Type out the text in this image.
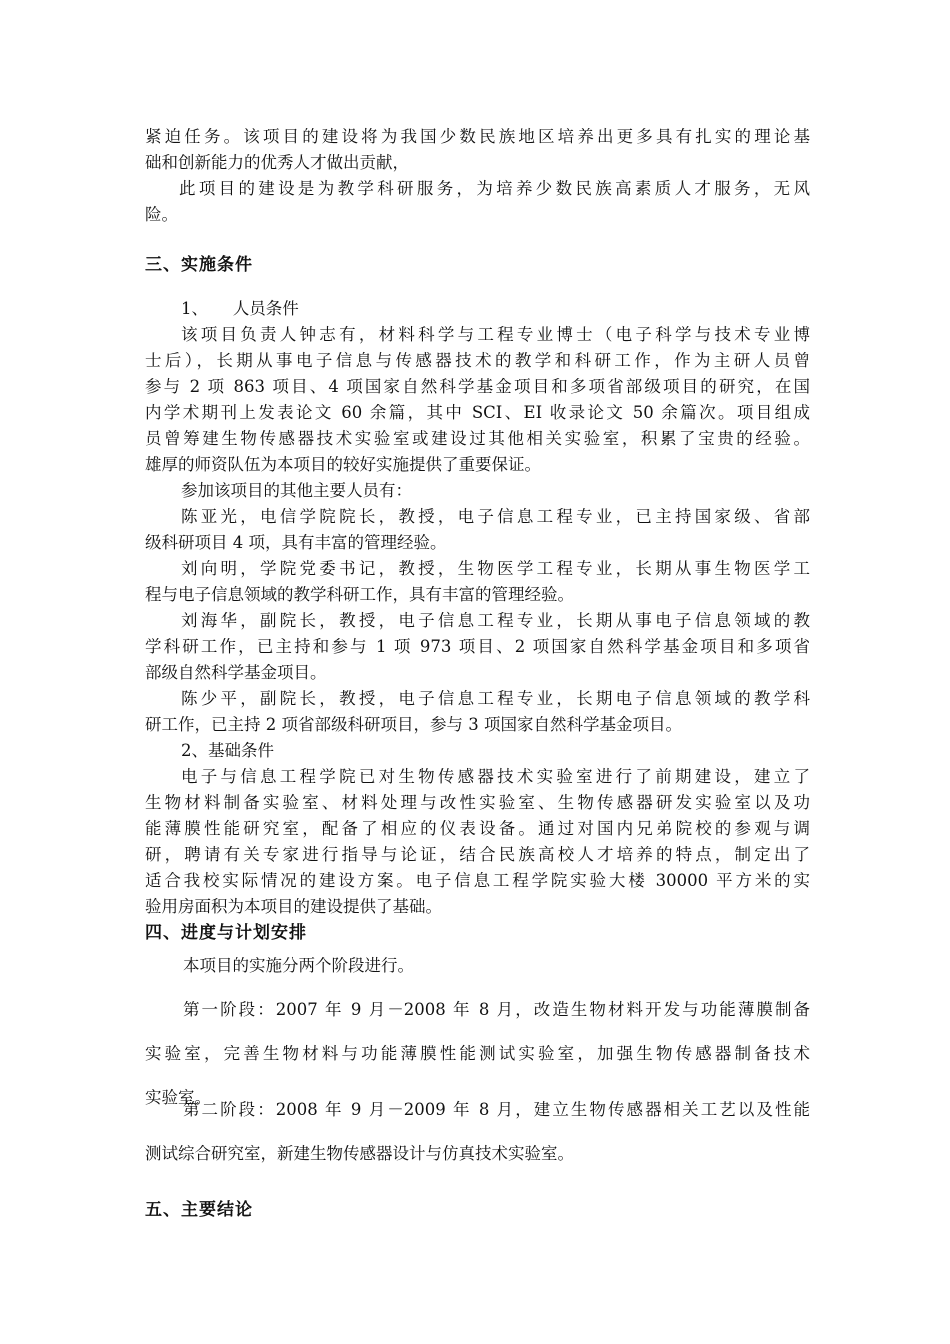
紧迫任务。该项目的建设将为我国少数民族地区培养出更多具有扎实的理论基

础和创新能力的优秀人才做出贡献，

此项目的建设是为教学科研服务，为培养少数民族高素质人才服务，无风

险。

三、实施条件

1、　　人员条件

该项目负责人钟志有，材料科学与工程专业博士（电子科学与技术专业博

士后），长期从事电子信息与传感器技术的教学和科研工作，作为主研人员曾

参与 2 项 863 项目、4 项国家自然科学基金项目和多项省部级项目的研究，在国

内学术期刊上发表论文 60 余篇，其中 SCI、EI 收录论文 50 余篇次。项目组成

员曾筹建生物传感器技术实验室或建设过其他相关实验室，积累了宝贵的经验。

雄厚的师资队伍为本项目的较好实施提供了重要保证。

参加该项目的其他主要人员有：

陈亚光，电信学院院长，教授，电子信息工程专业，已主持国家级、省部

级科研项目 4 项，具有丰富的管理经验。

刘向明，学院党委书记，教授，生物医学工程专业，长期从事生物医学工

程与电子信息领域的教学科研工作，具有丰富的管理经验。

刘海华，副院长，教授，电子信息工程专业，长期从事电子信息领域的教

学科研工作，已主持和参与 1 项 973 项目、2 项国家自然科学基金项目和多项省

部级自然科学基金项目。

陈少平，副院长，教授，电子信息工程专业，长期电子信息领域的教学科

研工作，已主持 2 项省部级科研项目，参与 3 项国家自然科学基金项目。

2、基础条件

电子与信息工程学院已对生物传感器技术实验室进行了前期建设，建立了

生物材料制备实验室、材料处理与改性实验室、生物传感器研发实验室以及功

能薄膜性能研究室，配备了相应的仪表设备。通过对国内兄弟院校的参观与调

研，聘请有关专家进行指导与论证，结合民族高校人才培养的特点，制定出了

适合我校实际情况的建设方案。电子信息工程学院实验大楼 30000 平方米的实

验用房面积为本项目的建设提供了基础。

四、进度与计划安排

本项目的实施分两个阶段进行。

第一阶段：2007 年 9 月－2008 年 8 月，改造生物材料开发与功能薄膜制备

实验室，完善生物材料与功能薄膜性能测试实验室，加强生物传感器制备技术

实验室。

第二阶段：2008 年 9 月－2009 年 8 月，建立生物传感器相关工艺以及性能

测试综合研究室，新建生物传感器设计与仿真技术实验室。

五、主要结论
